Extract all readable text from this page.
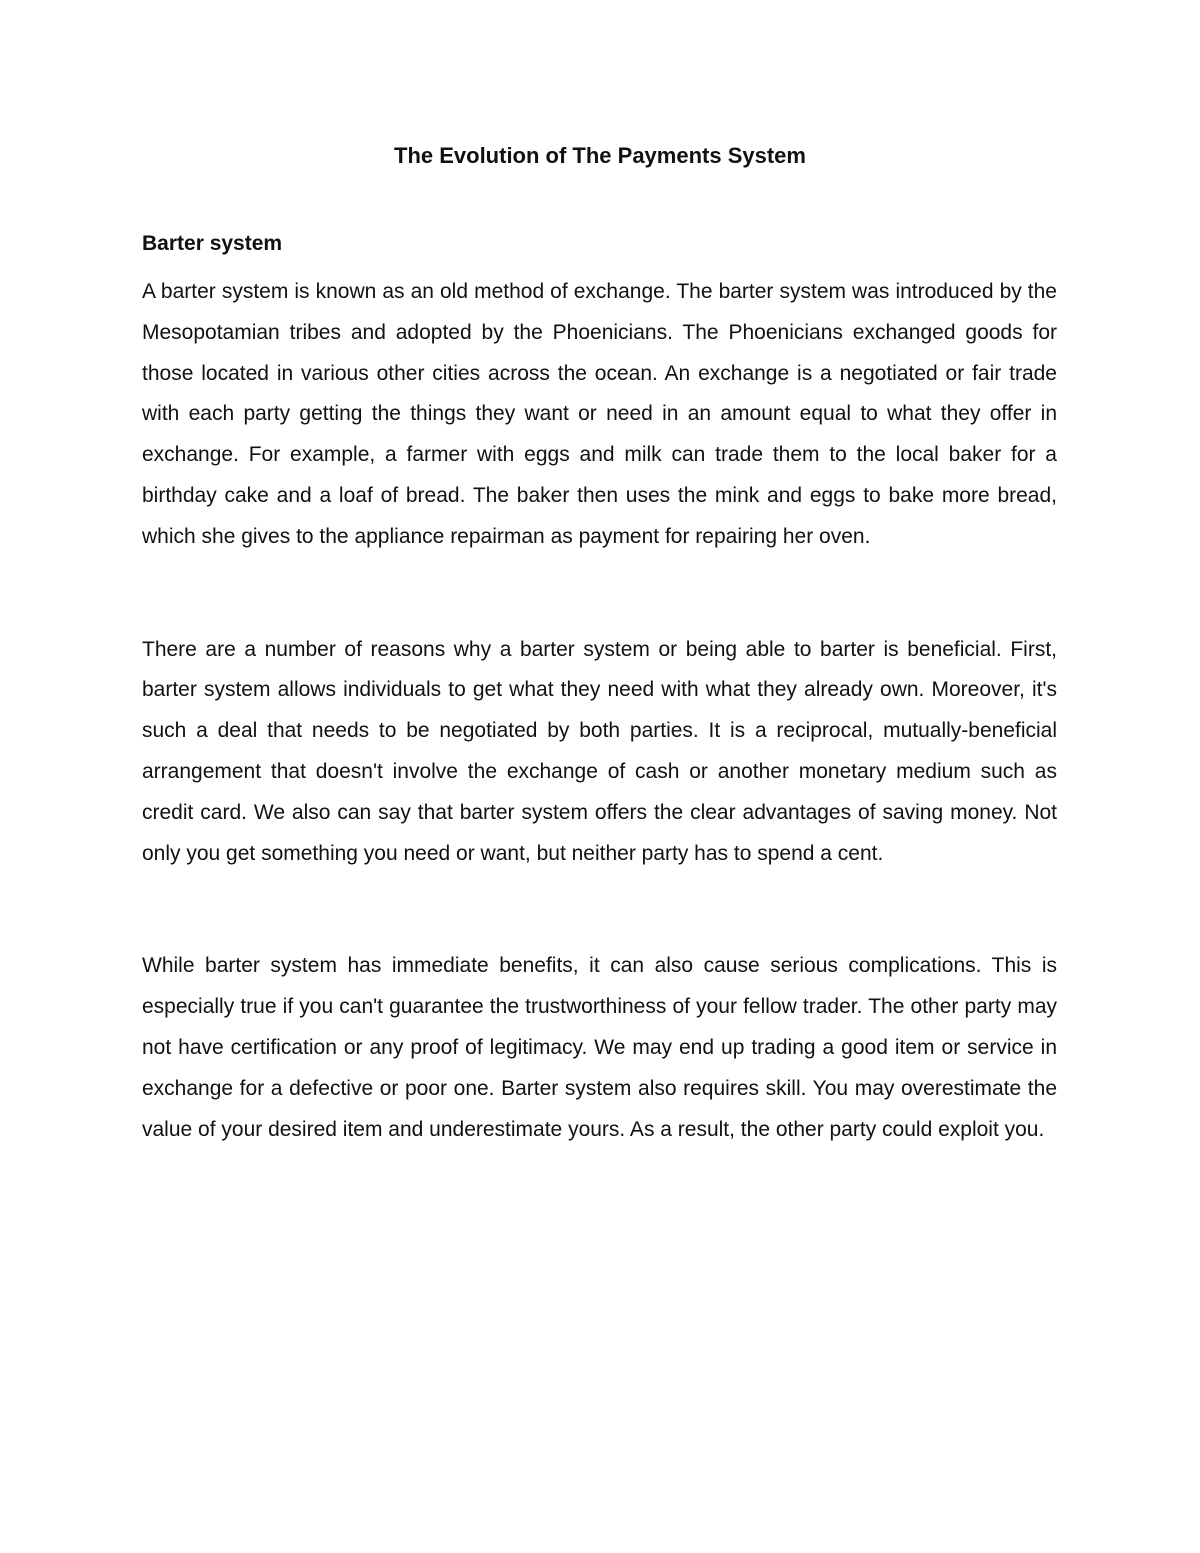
The Evolution of The Payments System
Barter system

A barter system is known as an old method of exchange. The barter system was introduced by the Mesopotamian tribes and adopted by the Phoenicians. The Phoenicians exchanged goods for those located in various other cities across the ocean. An exchange is a negotiated or fair trade with each party getting the things they want or need in an amount equal to what they offer in exchange. For example, a farmer with eggs and milk can trade them to the local baker for a birthday cake and a loaf of bread. The baker then uses the mink and eggs to bake more bread, which she gives to the appliance repairman as payment for repairing her oven.

There are a number of reasons why a barter system or being able to barter is beneficial. First, barter system allows individuals to get what they need with what they already own. Moreover, it's such a deal that needs to be negotiated by both parties. It is a reciprocal, mutually-beneficial arrangement that doesn't involve the exchange of cash or another monetary medium such as credit card. We also can say that barter system offers the clear advantages of saving money. Not only you get something you need or want, but neither party has to spend a cent.

While barter system has immediate benefits, it can also cause serious complications. This is especially true if you can't guarantee the trustworthiness of your fellow trader. The other party may not have certification or any proof of legitimacy. We may end up trading a good item or service in exchange for a defective or poor one. Barter system also requires skill. You may overestimate the value of your desired item and underestimate yours. As a result, the other party could exploit you.
